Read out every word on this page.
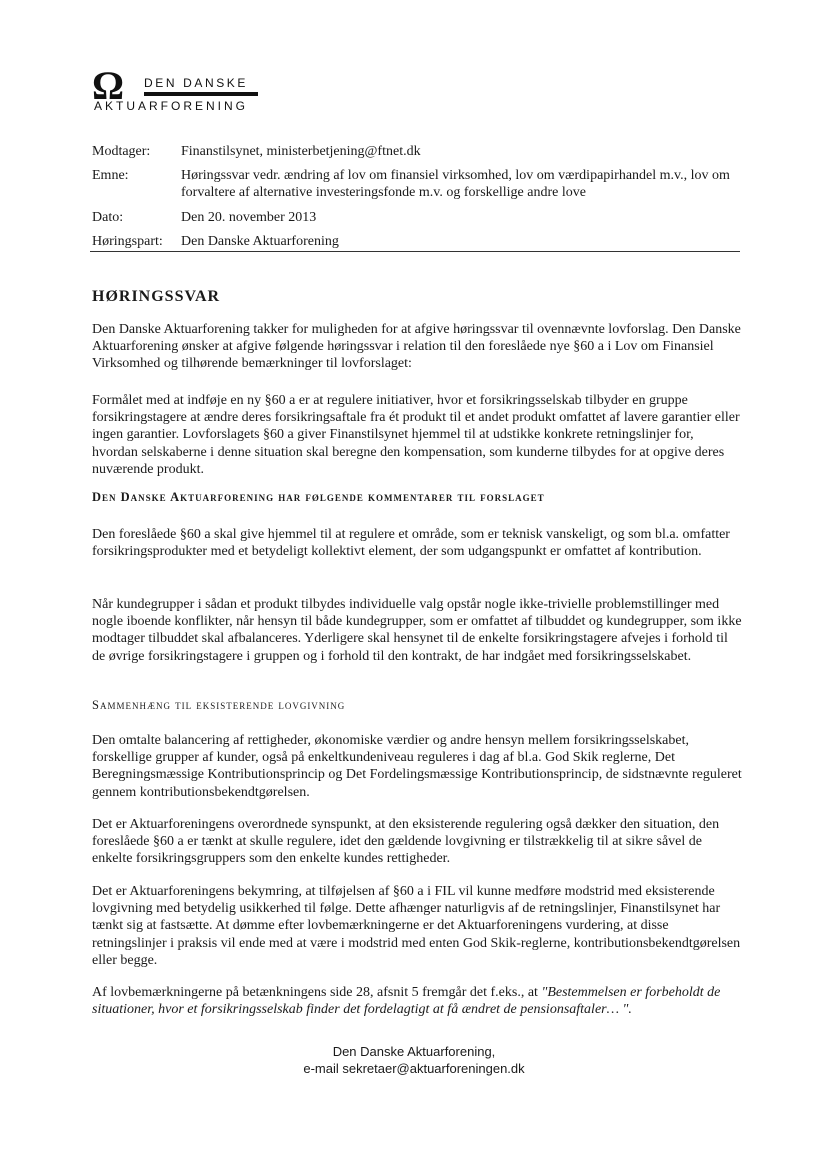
Ω DEN DANSKE
AKTUARFORENING
Modtager: Finanstilsynet, ministerbetjening@ftnet.dk
Emne:	Høringssvar vedr. ændring af lov om finansiel virksomhed, lov om værdipapirhandel m.v., lov om forvaltere af alternative investeringsfonde m.v. og forskellige andre love
Dato:	Den 20. november 2013
Høringspart: Den Danske Aktuarforening
HØRINGSSVAR
Den Danske Aktuarforening takker for muligheden for at afgive høringssvar til ovennævnte lovforslag. Den Danske Aktuarforening ønsker at afgive følgende høringssvar i relation til den foreslåede nye §60 a i Lov om Finansiel Virksomhed og tilhørende bemærkninger til lovforslaget:
Formålet med at indføje en ny §60 a er at regulere initiativer, hvor et forsikringsselskab tilbyder en gruppe forsikringstagere at ændre deres forsikringsaftale fra ét produkt til et andet produkt omfattet af lavere garantier eller ingen garantier. Lovforslagets §60 a giver Finanstilsynet hjemmel til at udstikke konkrete retningslinjer for, hvordan selskaberne i denne situation skal beregne den kompensation, som kunderne tilbydes for at opgive deres nuværende produkt.
Den Danske Aktuarforening har følgende kommentarer til forslaget
Den foreslåede §60 a skal give hjemmel til at regulere et område, som er teknisk vanskeligt, og som bl.a. omfatter forsikringsprodukter med et betydeligt kollektivt element, der som udgangspunkt er omfattet af kontribution.
Når kundegrupper i sådan et produkt tilbydes individuelle valg opstår nogle ikke-trivielle problemstillinger med nogle iboende konflikter, når hensyn til både kundegrupper, som er omfattet af tilbuddet og kundegrupper, som ikke modtager tilbuddet skal afbalanceres. Yderligere skal hensynet til de enkelte forsikringstagere afvejes i forhold til de øvrige forsikringstagere i gruppen og i forhold til den kontrakt, de har indgået med forsikringsselskabet.
Sammenhæng til eksisterende lovgivning
Den omtalte balancering af rettigheder, økonomiske værdier og andre hensyn mellem forsikringsselskabet, forskellige grupper af kunder, også på enkeltkundeniveau reguleres i dag af bl.a. God Skik reglerne, Det Beregningsmæssige Kontributionsprincip og Det Fordelingsmæssige Kontributionsprincip, de sidstnævnte reguleret gennem kontributionsbekendtgørelsen.
Det er Aktuarforeningens overordnede synspunkt, at den eksisterende regulering også dækker den situation, den foreslåede §60 a er tænkt at skulle regulere, idet den gældende lovgivning er tilstrækkelig til at sikre såvel de enkelte forsikringsgruppers som den enkelte kundes rettigheder.
Det er Aktuarforeningens bekymring, at tilføjelsen af §60 a i FIL vil kunne medføre modstrid med eksisterende lovgivning med betydelig usikkerhed til følge. Dette afhænger naturligvis af de retningslinjer, Finanstilsynet har tænkt sig at fastsætte. At dømme efter lovbemærkningerne er det Aktuarforeningens vurdering, at disse retningslinjer i praksis vil ende med at være i modstrid med enten God Skik-reglerne, kontributionsbekendtgørelsen eller begge.
Af lovbemærkningerne på betænkningens side 28, afsnit 5 fremgår det f.eks., at "Bestemmelsen er forbeholdt de situationer, hvor et forsikringsselskab finder det fordelagtigt at få ændret de pensionsaftaler… ".
Den Danske Aktuarforening,
e-mail sekretaer@aktuarforeningen.dk
